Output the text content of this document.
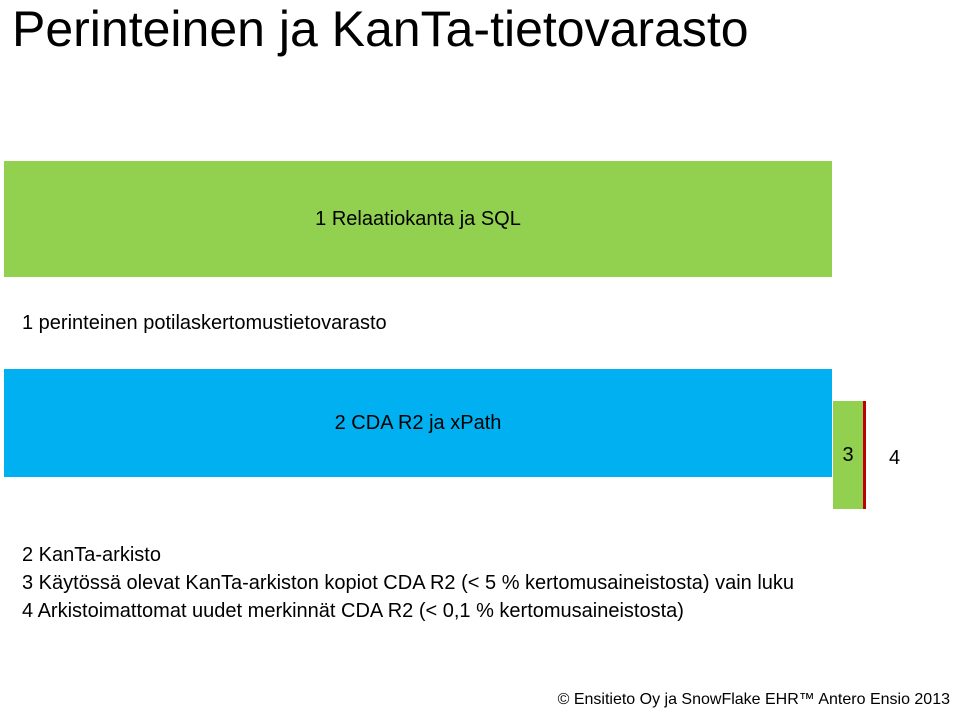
Perinteinen ja KanTa-tietovarasto
1 Relaatiokanta ja SQL
1 perinteinen potilaskertomustietovarasto
2 CDA R2 ja xPath
3 4
2 KanTa-arkisto
3 Käytössä olevat KanTa-arkiston kopiot CDA R2 (< 5 % kertomusaineistosta) vain luku
4 Arkistoimattomat uudet merkinnät CDA R2 (< 0,1 % kertomusaineistosta)
© Ensitieto Oy ja SnowFlake EHR™ Antero Ensio 2013
